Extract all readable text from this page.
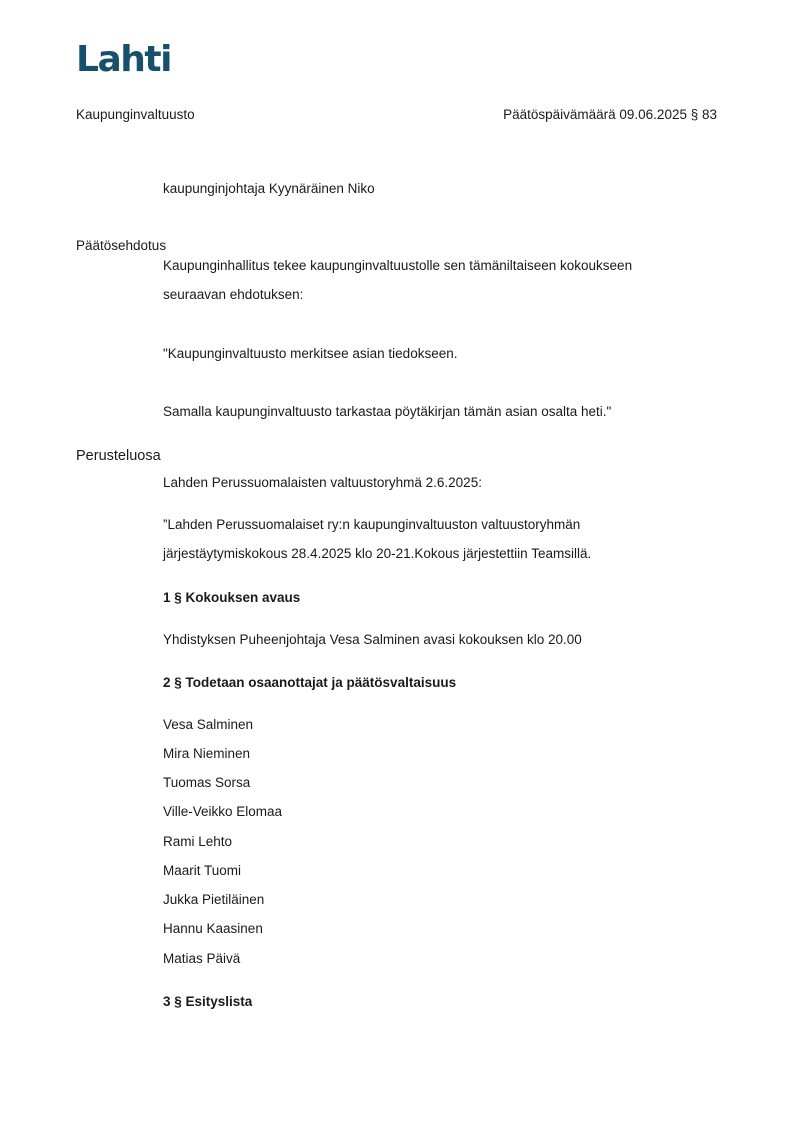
Lahti
Kaupunginvaltuusto	Päätöspäivämäärä 09.06.2025 § 83
kaupunginjohtaja Kyynäräinen Niko
Päätösehdotus
Kaupunginhallitus tekee kaupunginvaltuustolle sen tämäniltaiseen kokoukseen
seuraavan ehdotuksen:
"Kaupunginvaltuusto merkitsee asian tiedokseen.
Samalla kaupunginvaltuusto tarkastaa pöytäkirjan tämän asian osalta heti."
Perusteluosa
Lahden Perussuomalaisten valtuustoryhmä 2.6.2025:
”Lahden Perussuomalaiset ry:n kaupunginvaltuuston valtuustoryhmän
järjestäytymiskokous 28.4.2025 klo 20-21.Kokous järjestettiin Teamsillä.
1 § Kokouksen avaus
Yhdistyksen Puheenjohtaja Vesa Salminen avasi kokouksen klo 20.00
2 § Todetaan osaanottajat ja päätösvaltaisuus
Vesa Salminen
Mira Nieminen
Tuomas Sorsa
Ville-Veikko Elomaa
Rami Lehto
Maarit Tuomi
Jukka Pietiläinen
Hannu Kaasinen
Matias Päivä
3 § Esityslista
